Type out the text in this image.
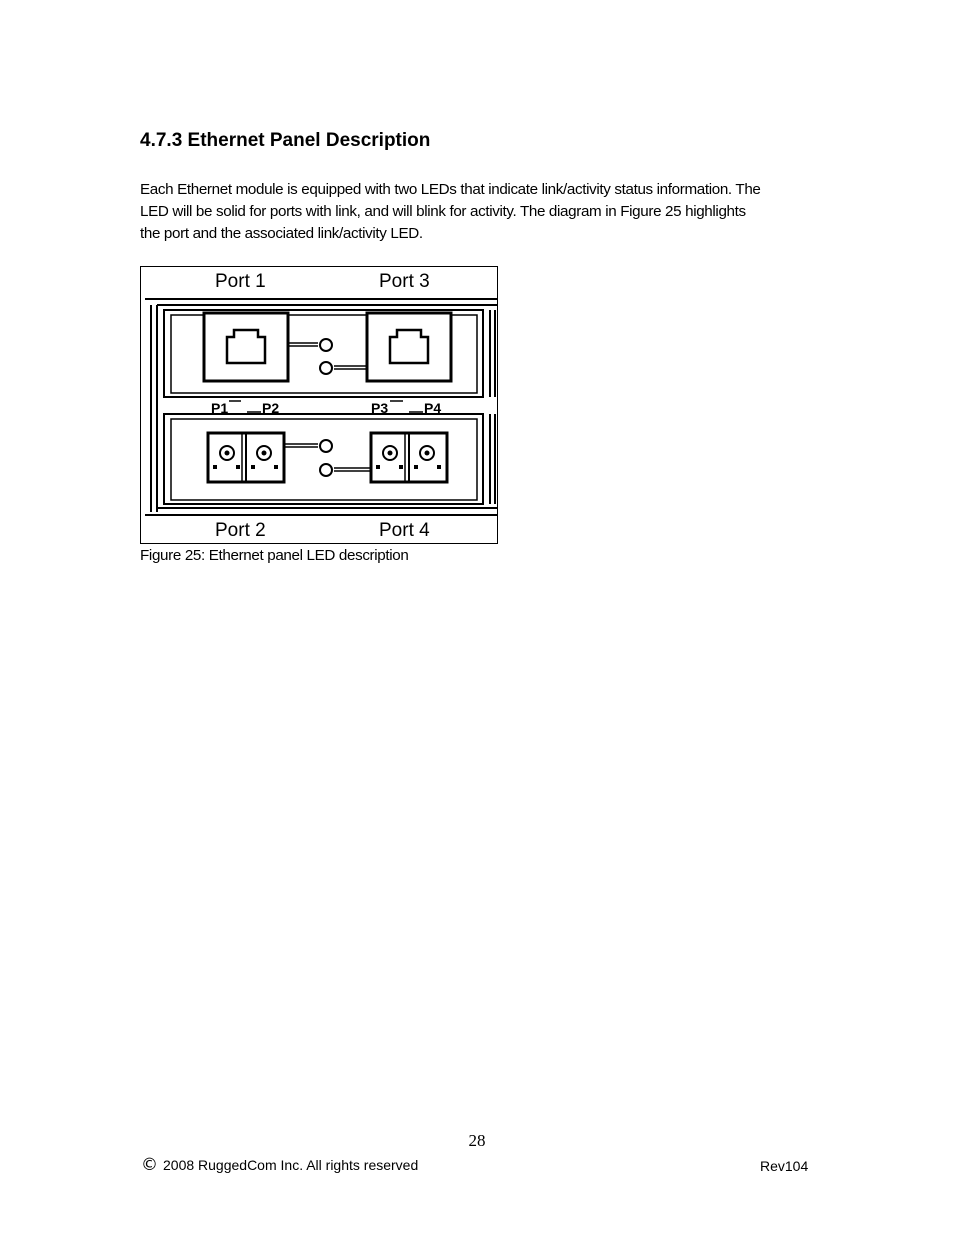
4.7.3 Ethernet Panel Description
Each Ethernet module is equipped with two LEDs that indicate link/activity status information. The
LED will be solid for ports with link, and will blink for activity. The diagram in Figure 25 highlights
the port and the associated link/activity LED.
P1 P2	P3	P4
Port 1	Port 3
Port 2	Port 4

Figure 25: Ethernet panel LED description

28

© 2008 RuggedCom Inc. All rights reserved	Rev104
